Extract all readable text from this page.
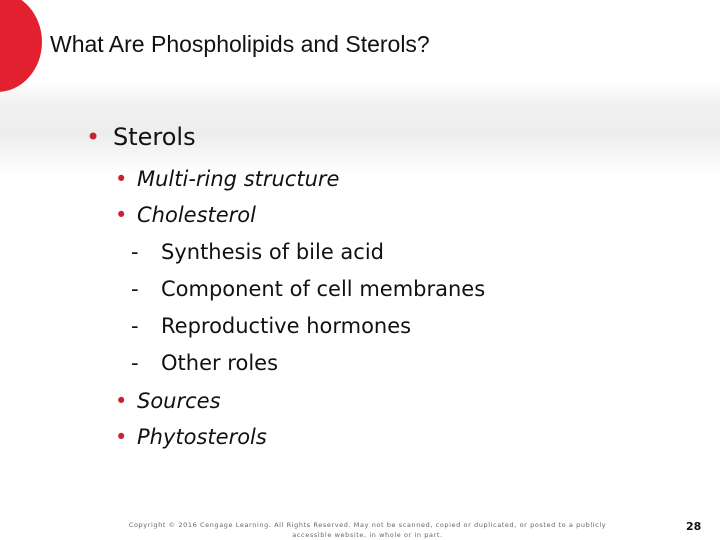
What Are Phospholipids and Sterols?
• Sterols
• Multi-ring structure
• Cholesterol
- Synthesis of bile acid
- Component of cell membranes
- Reproductive hormones
- Other roles
• Sources
• Phytosterols
Copyright © 2016 Cengage Learning. All Rights Reserved. May not be scanned, copied or duplicated, or posted to a publicly accessible website, in whole or in part.
28
